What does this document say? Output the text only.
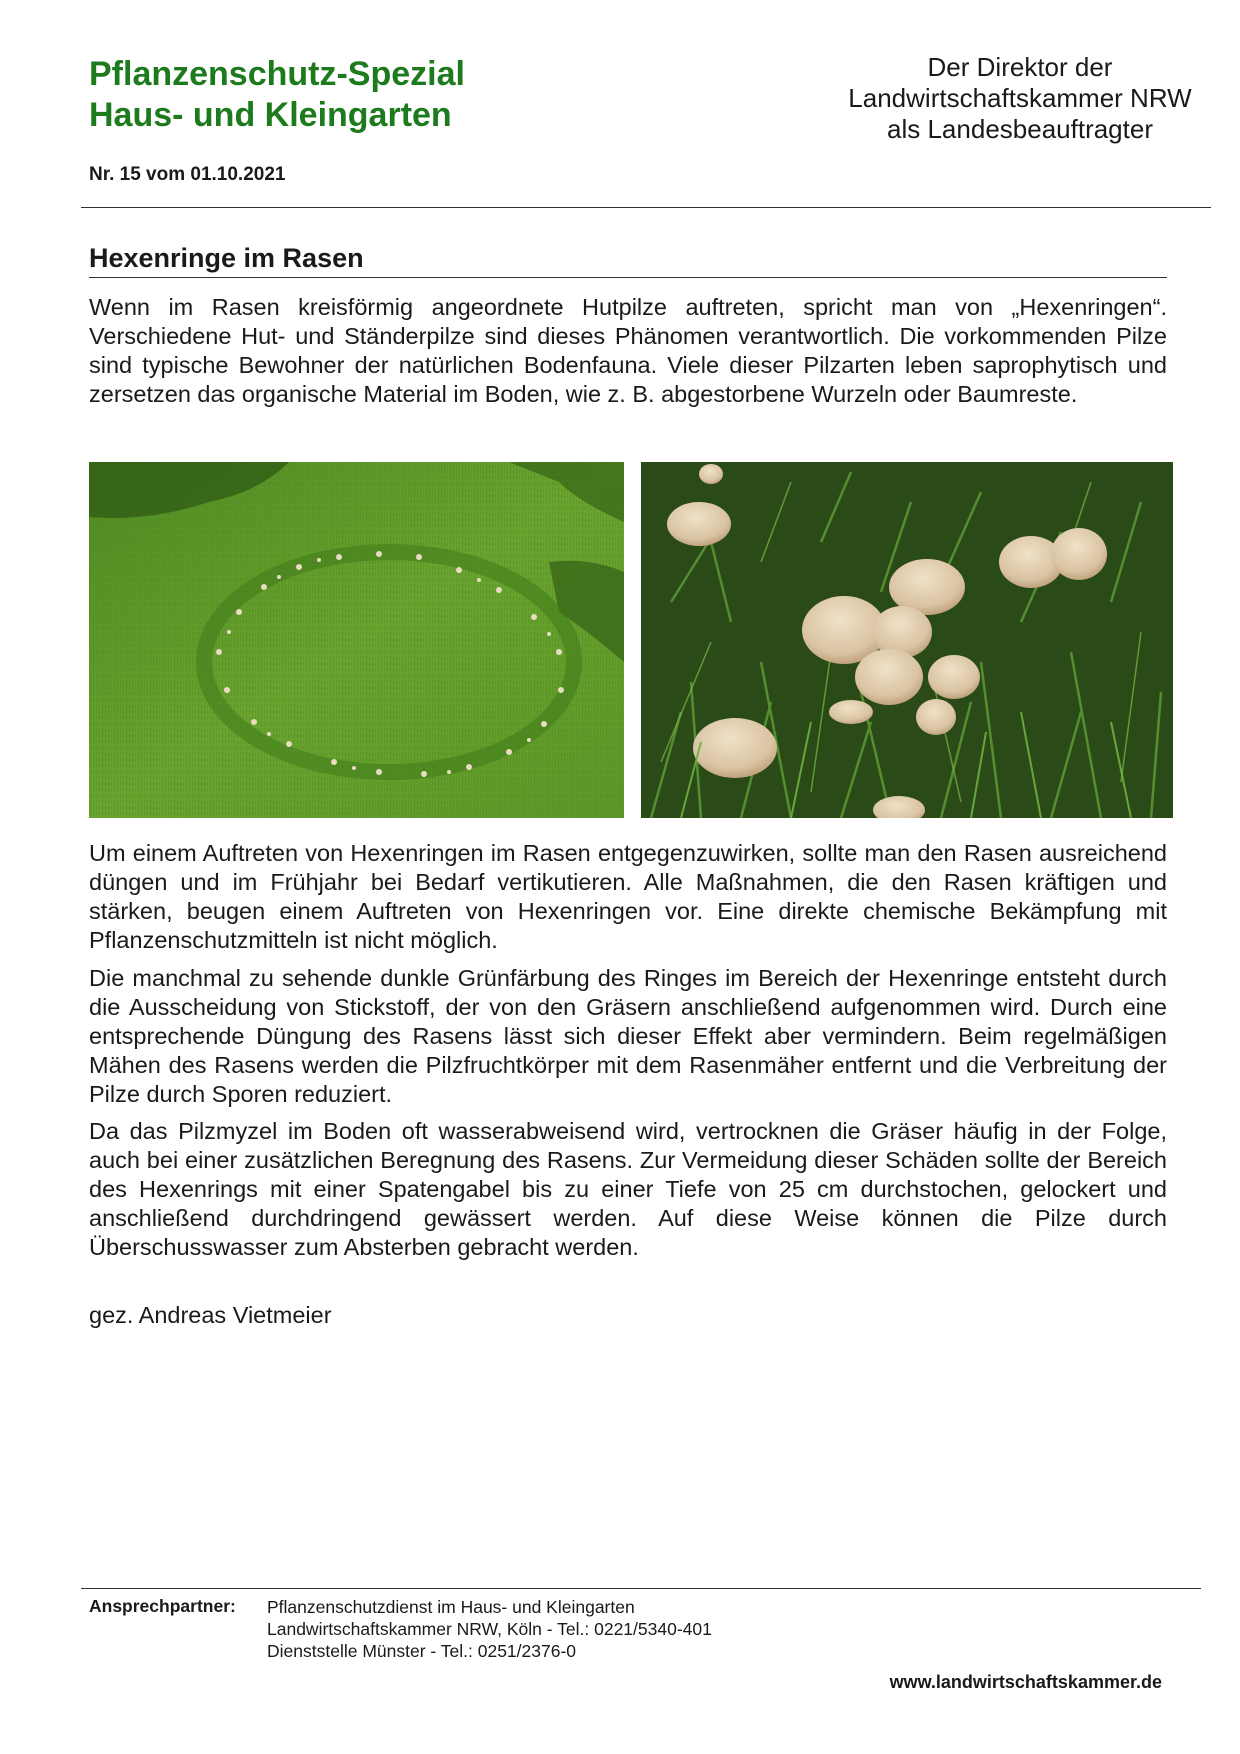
Pflanzenschutz-Spezial
Haus- und Kleingarten
Der Direktor der
Landwirtschaftskammer NRW
als Landesbeauftragter
Nr. 15 vom 01.10.2021
Hexenringe im Rasen

Wenn im Rasen kreisförmig angeordnete Hutpilze auftreten, spricht man von „Hexenringen“. Verschiedene Hut- und Ständerpilze sind dieses Phänomen verantwortlich. Die vorkommenden Pilze sind typische Bewohner der natürlichen Bodenfauna. Viele dieser Pilzarten leben saprophytisch und zersetzen das organische Material im Boden, wie z. B. abgestorbene Wurzeln oder Baumreste.

Um einem Auftreten von Hexenringen im Rasen entgegenzuwirken, sollte man den Rasen ausreichend düngen und im Frühjahr bei Bedarf vertikutieren. Alle Maßnahmen, die den Rasen kräftigen und stärken, beugen einem Auftreten von Hexenringen vor. Eine direkte chemische Bekämpfung mit Pflanzenschutzmitteln ist nicht möglich.

Die manchmal zu sehende dunkle Grünfärbung des Ringes im Bereich der Hexenringe entsteht durch die Ausscheidung von Stickstoff, der von den Gräsern anschließend aufgenommen wird. Durch eine entsprechende Düngung des Rasens lässt sich dieser Effekt aber vermindern. Beim regelmäßigen Mähen des Rasens werden die Pilzfruchtkörper mit dem Rasenmäher entfernt und die Verbreitung der Pilze durch Sporen reduziert.

Da das Pilzmyzel im Boden oft wasserabweisend wird, vertrocknen die Gräser häufig in der Folge, auch bei einer zusätzlichen Beregnung des Rasens. Zur Vermeidung dieser Schäden sollte der Bereich des Hexenrings mit einer Spatengabel bis zu einer Tiefe von 25 cm durchstochen, gelockert und anschließend durchdringend gewässert werden. Auf diese Weise können die Pilze durch Überschusswasser zum Absterben gebracht werden.

gez. Andreas Vietmeier
Ansprechpartner: Pflanzenschutzdienst im Haus- und Kleingarten
Landwirtschaftskammer NRW, Köln - Tel.: 0221/5340-401
Dienststelle Münster - Tel.: 0251/2376-0
www.landwirtschaftskammer.de
